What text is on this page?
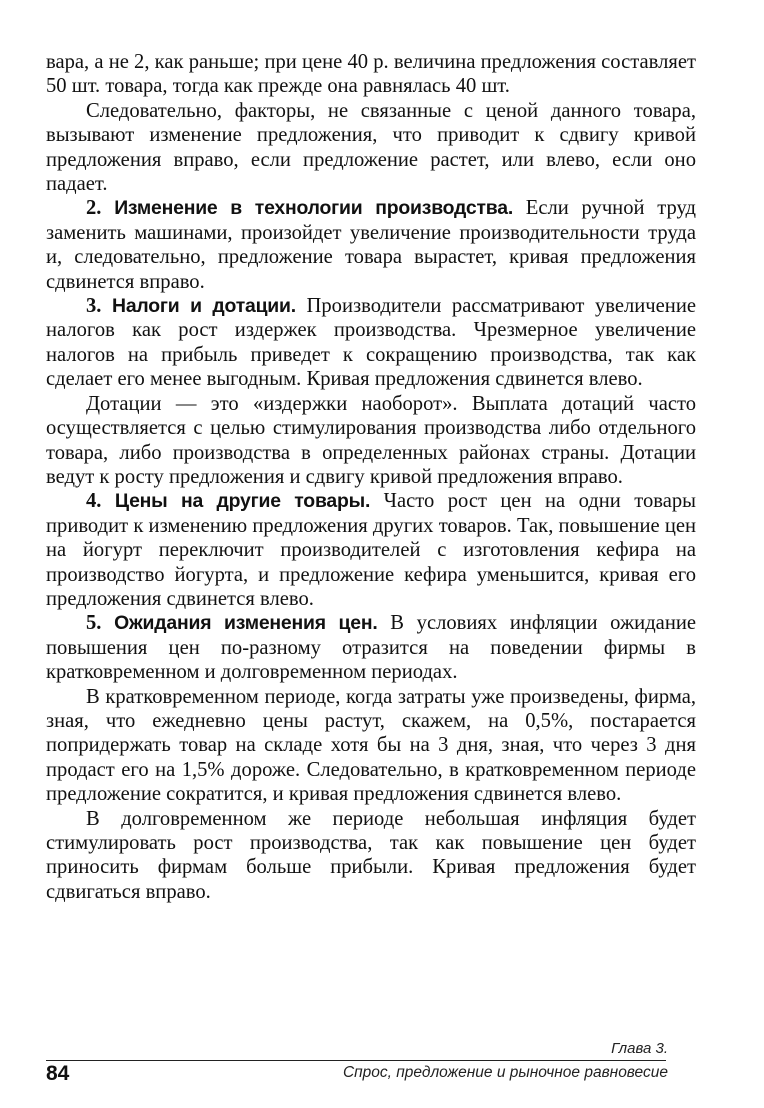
вара, а не 2, как раньше; при цене 40 р. величина предложения составляет 50 шт. товара, тогда как прежде она равнялась 40 шт.

Следовательно, факторы, не связанные с ценой данного товара, вызывают изменение предложения, что приводит к сдвигу кривой предложения вправо, если предложение растет, или влево, если оно падает.

2. Изменение в технологии производства. Если ручной труд заменить машинами, произойдет увеличение производительности труда и, следовательно, предложение товара вырастет, кривая предложения сдвинется вправо.

3. Налоги и дотации. Производители рассматривают увеличение налогов как рост издержек производства. Чрезмерное увеличение налогов на прибыль приведет к сокращению производства, так как сделает его менее выгодным. Кривая предложения сдвинется влево.

Дотации — это «издержки наоборот». Выплата дотаций часто осуществляется с целью стимулирования производства либо отдельного товара, либо производства в определенных районах страны. Дотации ведут к росту предложения и сдвигу кривой предложения вправо.

4. Цены на другие товары. Часто рост цен на одни товары приводит к изменению предложения других товаров. Так, повышение цен на йогурт переключит производителей с изготовления кефира на производство йогурта, и предложение кефира уменьшится, кривая его предложения сдвинется влево.

5. Ожидания изменения цен. В условиях инфляции ожидание повышения цен по-разному отразится на поведении фирмы в кратковременном и долговременном периодах.

В кратковременном периоде, когда затраты уже произведены, фирма, зная, что ежедневно цены растут, скажем, на 0,5%, постарается попридержать товар на складе хотя бы на 3 дня, зная, что через 3 дня продаст его на 1,5% дороже. Следовательно, в кратковременном периоде предложение сократится, и кривая предложения сдвинется влево.

В долговременном же периоде небольшая инфляция будет стимулировать рост производства, так как повышение цен будет приносить фирмам больше прибыли. Кривая предложения будет сдвигаться вправо.

Глава 3.
84	Спрос, предложение и рыночное равновесие
